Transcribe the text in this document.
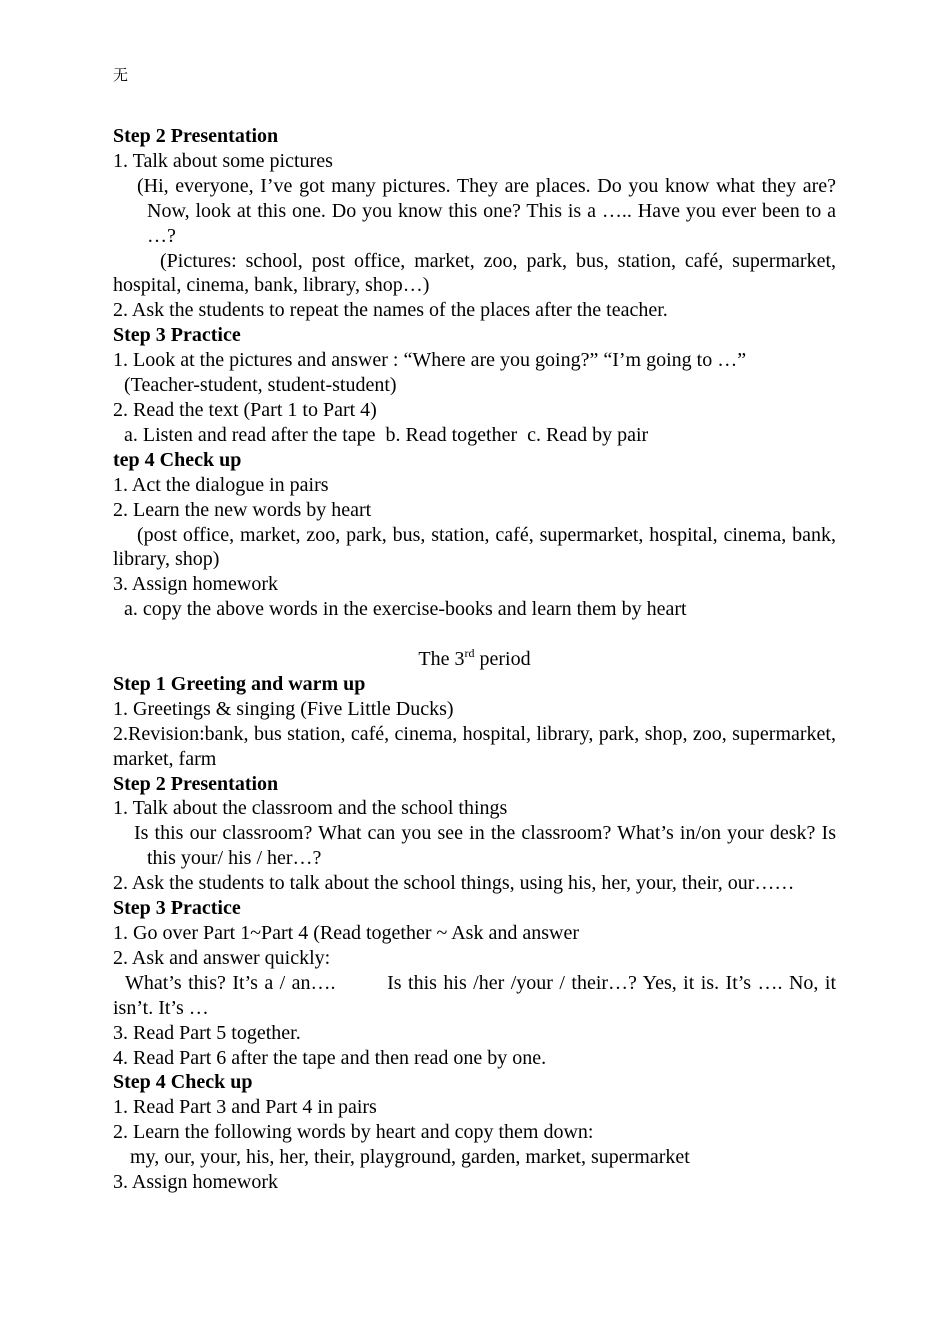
无

Step 2 Presentation

1. Talk about some pictures

(Hi, everyone, I’ve got many pictures. They are places. Do you know what they are? Now, look at this one. Do you know this one? This is a ….. Have you ever been to a …?

(Pictures: school, post office, market, zoo, park, bus, station, café, supermarket, hospital, cinema, bank, library, shop…)

2. Ask the students to repeat the names of the places after the teacher.

Step 3 Practice

1. Look at the pictures and answer : “Where are you going?” “I’m going to …”

(Teacher-student, student-student)

2. Read the text (Part 1 to Part 4)

a. Listen and read after the tape  b. Read together  c. Read by pair

tep 4 Check up

1. Act the dialogue in pairs

2. Learn the new words by heart

(post office, market, zoo, park, bus, station, café, supermarket, hospital, cinema, bank, library, shop)

3. Assign homework

a. copy the above words in the exercise-books and learn them by heart

The 3rd period

Step 1 Greeting and warm up

1. Greetings & singing (Five Little Ducks)

2.Revision:bank, bus station, café, cinema, hospital, library, park, shop, zoo, supermarket, market, farm

Step 2 Presentation

1. Talk about the classroom and the school things

Is this our classroom? What can you see in the classroom? What’s in/on your desk? Is this your/ his / her…?

2. Ask the students to talk about the school things, using his, her, your, their, our……

Step 3 Practice

1. Go over Part 1~Part 4 (Read together ~ Ask and answer

2. Ask and answer quickly:

What’s this? It’s a / an….        Is this his /her /your / their…? Yes, it is. It’s …. No, it isn’t. It’s …

3. Read Part 5 together.

4. Read Part 6 after the tape and then read one by one.

Step 4 Check up

1. Read Part 3 and Part 4 in pairs

2. Learn the following words by heart and copy them down:

my, our, your, his, her, their, playground, garden, market, supermarket

3. Assign homework
